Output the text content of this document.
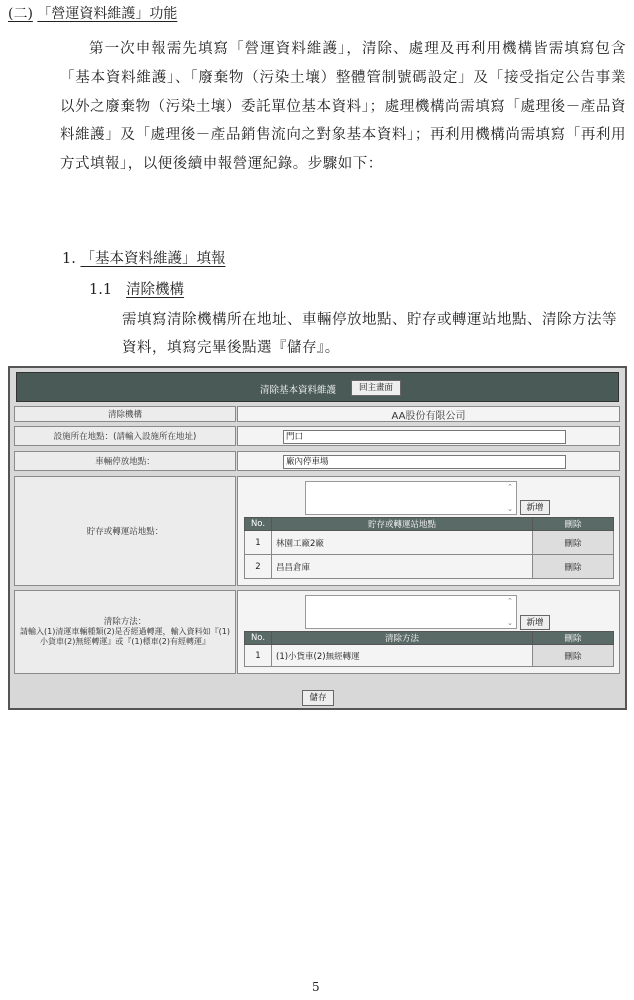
(二) 「營運資料維護」功能
第一次申報需先填寫「營運資料維護」，清除、處理及再利用機構皆需填寫包含「基本資料維護」、「廢棄物（污染土壤）整體管制號碼設定」及「接受指定公告事業以外之廢棄物（污染土壤）委託單位基本資料」；處理機構尚需填寫「處理後－產品資料維護」及「處理後－產品銷售流向之對象基本資料」；再利用機構尚需填寫「再利用方式填報」，以便後續申報營運紀錄。步驟如下：
1. 「基本資料維護」填報
1.1 清除機構
需填寫清除機構所在地址、車輛停放地點、貯存或轉運站地點、清除方法等資料，填寫完畢後點選『儲存』。
清除基本資料維護	回主畫面
清除機構	AA股份有限公司
設施所在地點：(請輸入設施所在地址)	門口
車輛停放地點：	廠內停車場
貯存或轉運站地點：
⌃
⌄	新增
No.	貯存或轉運站地點	刪除
1	林園工廠2廠	刪除
2	昌昌倉庫	刪除
清除方法：
請輸入(1)清運車輛種類(2)是否經過轉運，輸入資料如『(1)小貨車(2)無經轉運』或『(1)標車(2)有經轉運』
⌃
⌄	新增
No.	清除方法	刪除
1	(1)小貨車(2)無經轉運	刪除
儲存
5
